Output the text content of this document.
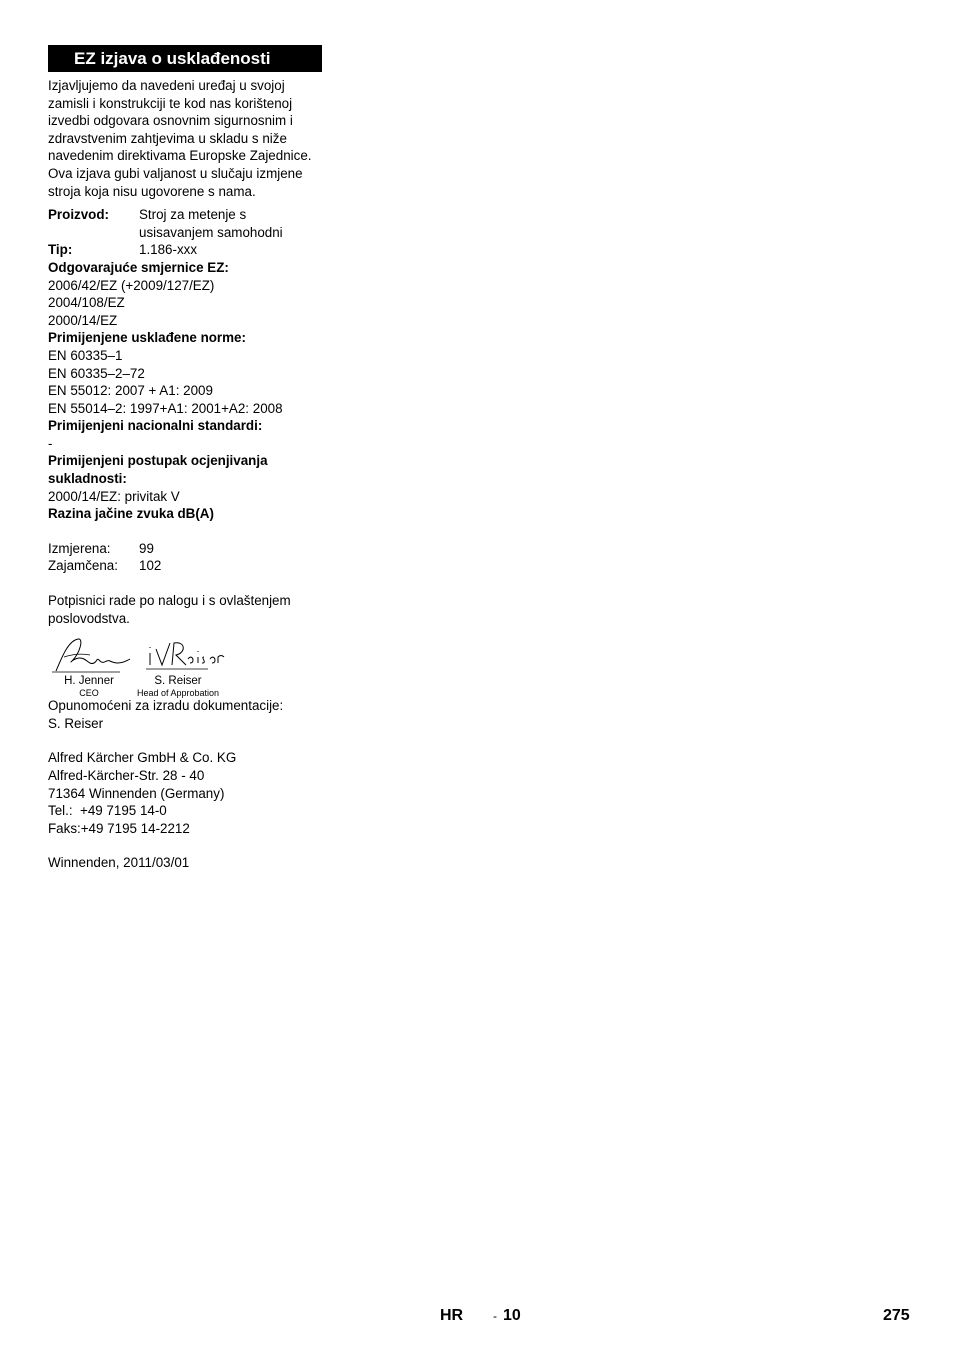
EZ izjava o usklađenosti

Izjavljujemo da navedeni uređaj u svojoj zamisli i konstrukciji te kod nas korištenoj izvedbi odgovara osnovnim sigurnosnim i zdravstvenim zahtjevima u skladu s niže navedenim direktivama Europske Zajednice. Ova izjava gubi valjanost u slučaju izmjene stroja koja nisu ugovorene s nama.

Proizvod:	Stroj za metenje s usisavanjem samohodni
Tip:	1.186-xxx
Odgovarajuće smjernice EZ:
2006/42/EZ (+2009/127/EZ)
2004/108/EZ
2000/14/EZ
Primijenjene usklađene norme:
EN 60335–1
EN 60335–2–72
EN 55012: 2007 + A1: 2009
EN 55014–2: 1997+A1: 2001+A2: 2008
Primijenjeni nacionalni standardi:
-
Primijenjeni postupak ocjenjivanja sukladnosti:
2000/14/EZ: privitak V
Razina jačine zvuka dB(A)
Izmjerena:	99
Zajamčena:	102
Potpisnici rade po nalogu i s ovlaštenjem poslovodstva.
H. Jenner
CEO
S. Reiser
Head of Approbation
Opunomoćeni za izradu dokumentacije:
S. Reiser
Alfred Kärcher GmbH & Co. KG
Alfred-Kärcher-Str. 28 - 40
71364 Winnenden (Germany)
Tel.:  +49 7195 14-0
Faks:+49 7195 14-2212
Winnenden, 2011/03/01
HR - 10	275
